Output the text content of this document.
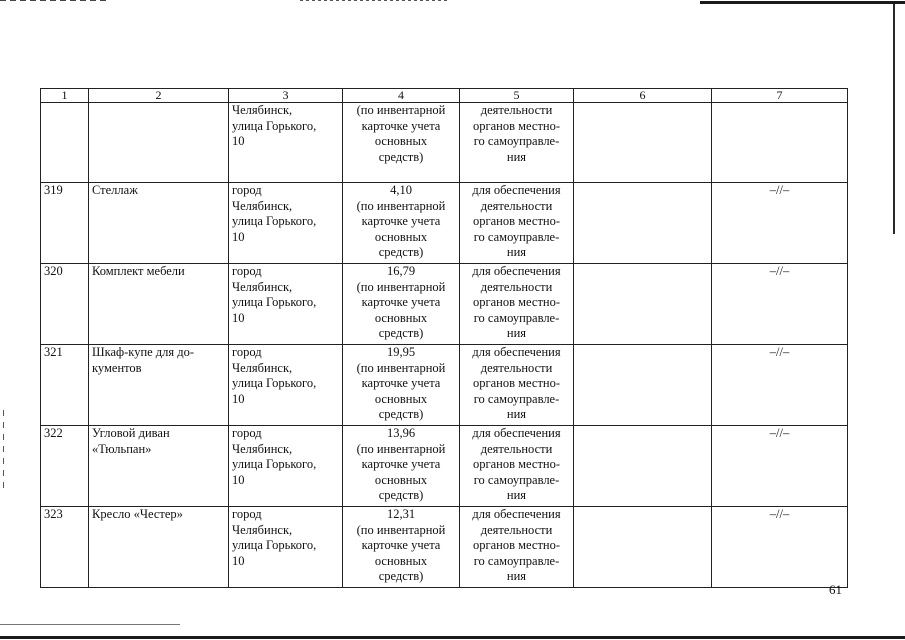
1	2	3	4	5	6	7

		Челябинск,
улица Горького,
10	(по инвентарной
карточке учета
основных
средств)	деятельности
органов местно-
го самоуправле-
ния		

319	Стеллаж	город
Челябинск,
улица Горького,
10	4,10
(по инвентарной
карточке учета
основных
средств)	для обеспечения
деятельности
органов местно-
го самоуправле-
ния		–//–
320	Комплект мебели	город
Челябинск,
улица Горького,
10	16,79
(по инвентарной
карточке учета
основных
средств)	для обеспечения
деятельности
органов местно-
го самоуправле-
ния		–//–
321	Шкаф-купе для до-
кументов	город
Челябинск,
улица Горького,
10	19,95
(по инвентарной
карточке учета
основных
средств)	для обеспечения
деятельности
органов местно-
го самоуправле-
ния		–//–
322	Угловой диван
«Тюльпан»	город
Челябинск,
улица Горького,
10	13,96
(по инвентарной
карточке учета
основных
средств)	для обеспечения
деятельности
органов местно-
го самоуправле-
ния		–//–
323	Кресло «Честер»	город
Челябинск,
улица Горького,
10	12,31
(по инвентарной
карточке учета
основных
средств)	для обеспечения
деятельности
органов местно-
го самоуправле-
ния		–//–
61
